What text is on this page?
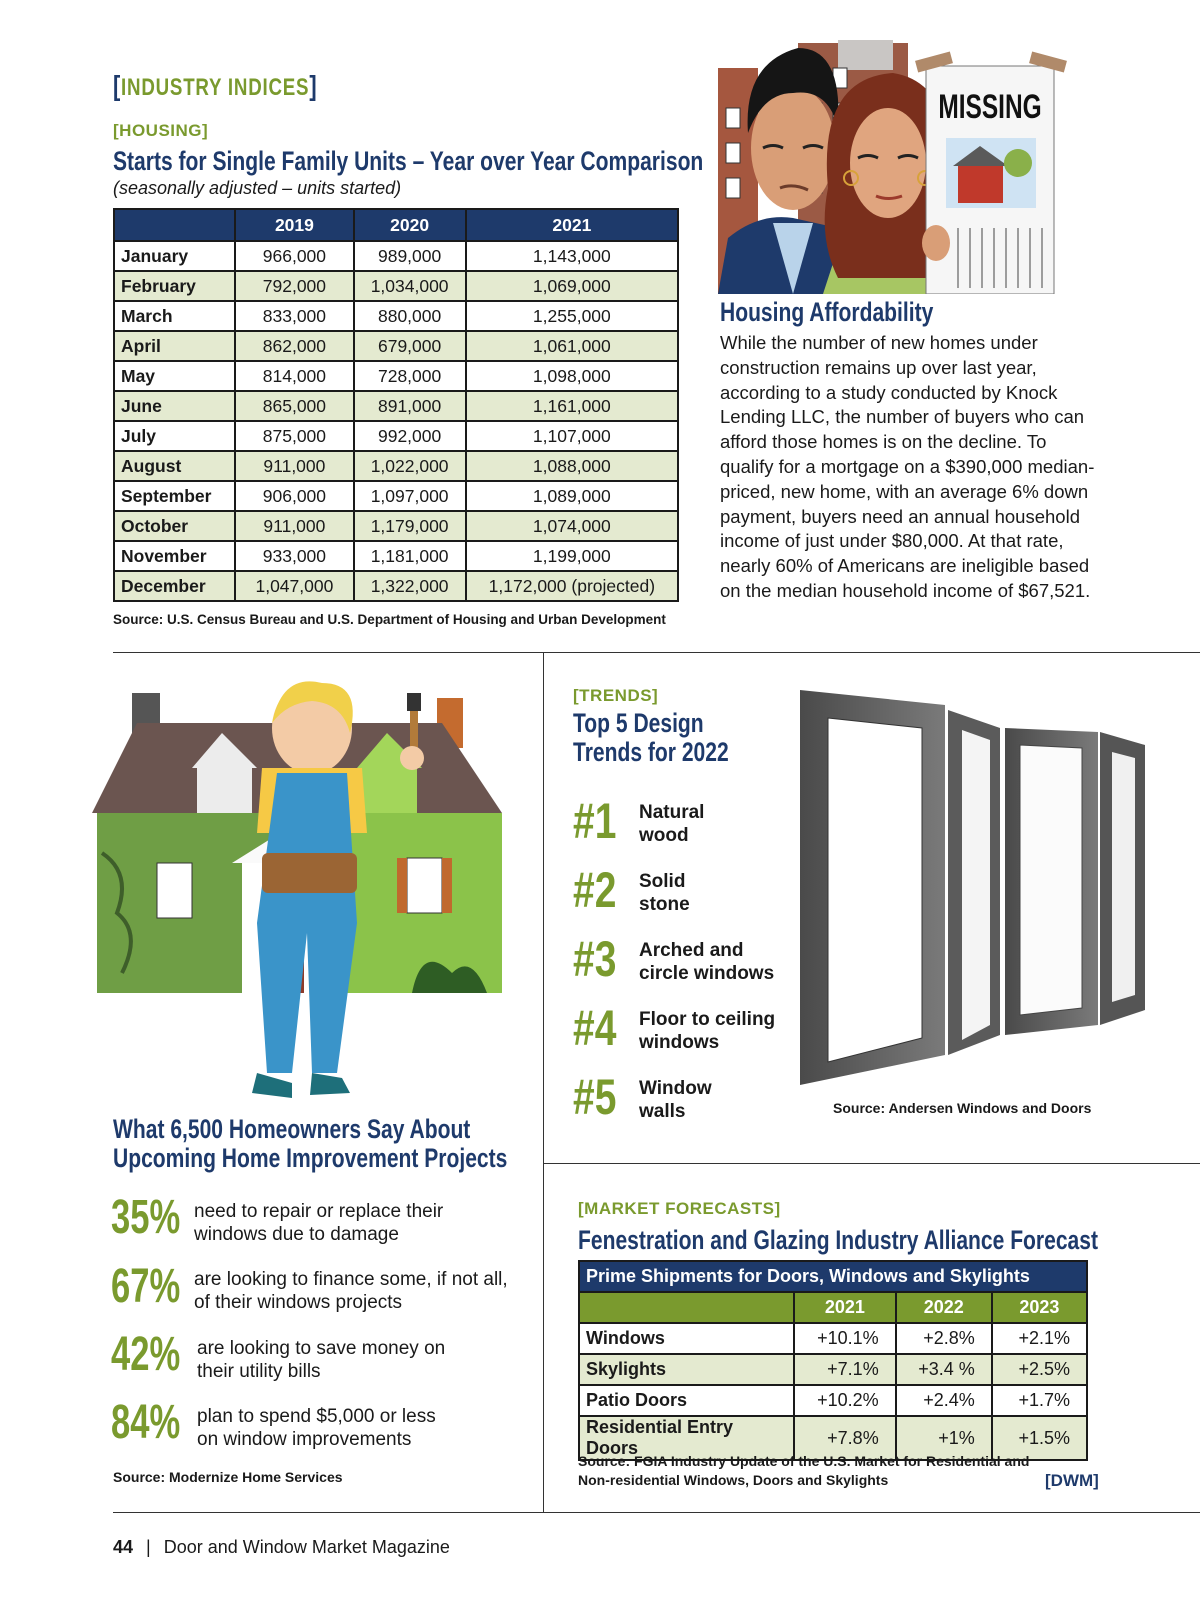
[INDUSTRY INDICES]
[HOUSING]
Starts for Single Family Units – Year over Year Comparison
(seasonally adjusted – units started)
	2019	2020	2021
January	966,000	989,000	1,143,000
February	792,000	1,034,000	1,069,000
March	833,000	880,000	1,255,000
April	862,000	679,000	1,061,000
May	814,000	728,000	1,098,000
June	865,000	891,000	1,161,000
July	875,000	992,000	1,107,000
August	911,000	1,022,000	1,088,000
September	906,000	1,097,000	1,089,000
October	911,000	1,179,000	1,074,000
November	933,000	1,181,000	1,199,000
December	1,047,000	1,322,000	1,172,000 (projected)
Source: U.S. Census Bureau and U.S. Department of Housing and Urban Development
MISSING
Housing Affordability
While the number of new homes under construction remains up over last year, according to a study conducted by Knock Lending LLC, the number of buyers who can afford those homes is on the decline. To qualify for a mortgage on a $390,000 median-priced, new home, with an average 6% down payment, buyers need an annual household income of just under $80,000. At that rate, nearly 60% of Americans are ineligible based on the median household income of $67,521.
What 6,500 Homeowners Say About
Upcoming Home Improvement Projects
35% need to repair or replace their
windows due to damage
67% are looking to finance some, if not all,
of their windows projects
42% are looking to save money on
their utility bills
84% plan to spend $5,000 or less
on window improvements
Source: Modernize Home Services
[TRENDS]
Top 5 Design
Trends for 2022
#1 Natural
wood
#2 Solid
stone
#3 Arched and
circle windows
#4 Floor to ceiling
windows
#5 Window
walls	Source: Andersen Windows and Doors
[MARKET FORECASTS]
Fenestration and Glazing Industry Alliance Forecast
Prime Shipments for Doors, Windows and Skylights			
	2021	2022	2023
Windows	+10.1%	+2.8%	+2.1%
Skylights	+7.1%	+3.4 %	+2.5%
Patio Doors	+10.2%	+2.4%	+1.7%
Residential Entry Doors	+7.8%	+1%	+1.5%
Source: FGIA Industry Update of the U.S. Market for Residential and
Non-residential Windows, Doors and Skylights	[DWM]
44 | Door and Window Market Magazine
